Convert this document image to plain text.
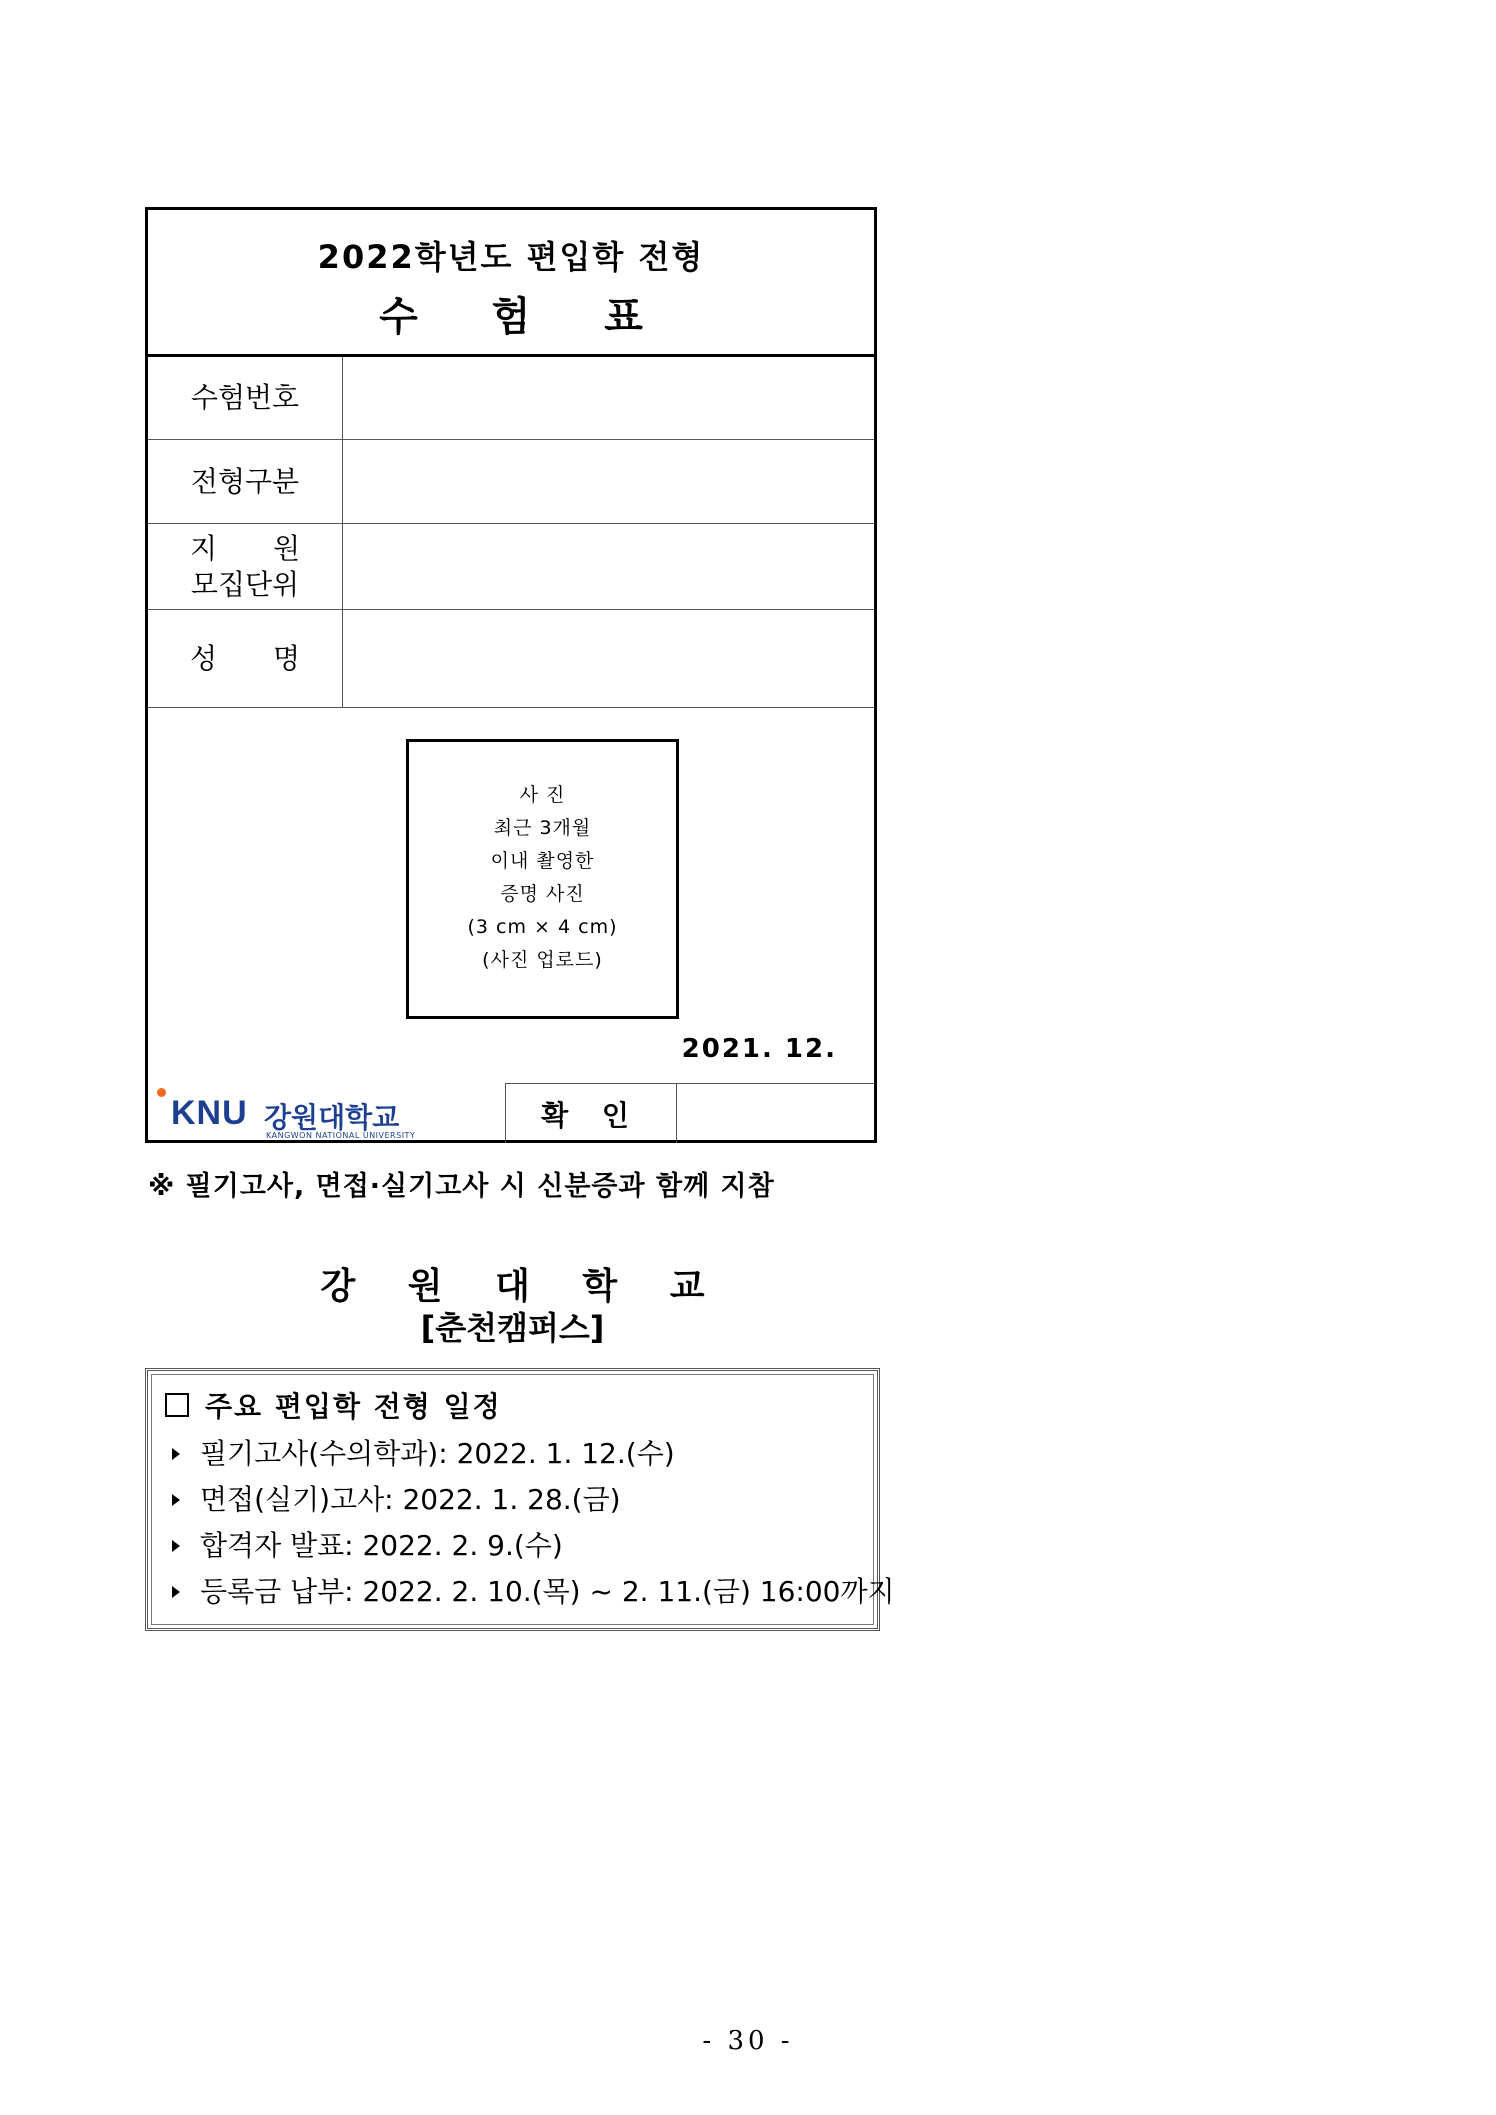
2022학년도 편입학 전형
수 험 표
수험번호
전형구분
지 원
모집단위
성 명
사 진
최근 3개월
이내 촬영한
증명 사진
(3 cm × 4 cm)
(사진 업로드)
2021. 12.
KNU 강원대학교
KANGWON NATIONAL UNIVERSITY
확 인
※ 필기고사, 면접·실기고사 시 신분증과 함께 지참
강 원 대 학 교
[춘천캠퍼스]
주요 편입학 전형 일정
필기고사(수의학과): 2022. 1. 12.(수)
면접(실기)고사: 2022. 1. 28.(금)
합격자 발표: 2022. 2. 9.(수)
등록금 납부: 2022. 2. 10.(목) ~ 2. 11.(금) 16:00까지
- 30 -
